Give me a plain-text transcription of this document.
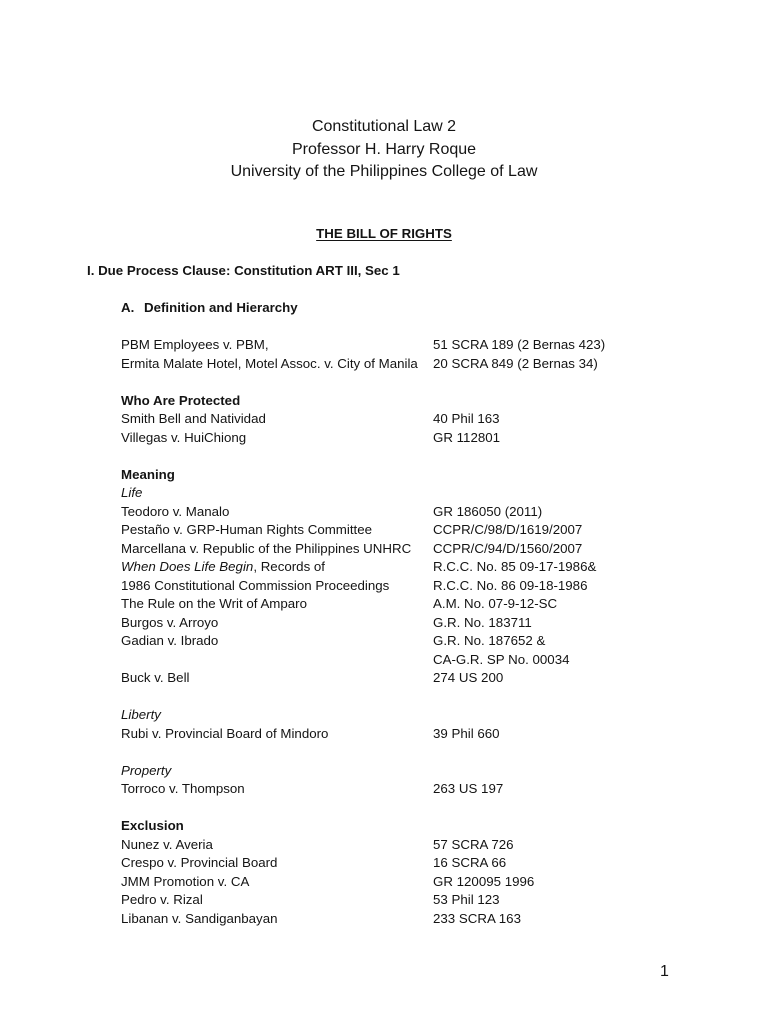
Constitutional Law 2
Professor H. Harry Roque
University of the Philippines College of Law
THE BILL OF RIGHTS
I. Due Process Clause: Constitution ART III, Sec 1
A. Definition and Hierarchy
PBM Employees v. PBM,	51 SCRA 189 (2 Bernas 423)
Ermita Malate Hotel, Motel Assoc. v. City of Manila 20 SCRA 849 (2 Bernas 34)
Who Are Protected
Smith Bell and Natividad	40 Phil 163
Villegas v. HuiChiong	GR 112801
Meaning
Life
Teodoro v. Manalo	GR 186050 (2011)
Pestaño v. GRP-Human Rights Committee	CCPR/C/98/D/1619/2007
Marcellana v. Republic of the Philippines UNHRC CCPR/C/94/D/1560/2007
When Does Life Begin, Records of	R.C.C. No. 85 09-17-1986&
1986 Constitutional Commission Proceedings	R.C.C. No. 86 09-18-1986
The Rule on the Writ of Amparo	A.M. No. 07-9-12-SC
Burgos v. Arroyo	G.R. No. 183711
Gadian v. Ibrado	G.R. No. 187652 &
CA-G.R. SP No. 00034
Buck v. Bell	274 US 200
Liberty
Rubi v. Provincial Board of Mindoro	39 Phil 660
Property
Torroco v. Thompson	263 US 197
Exclusion
Nunez v. Averia	57 SCRA 726
Crespo v. Provincial Board	16 SCRA 66
JMM Promotion v. CA	GR 120095 1996
Pedro v. Rizal	53 Phil 123
Libanan v. Sandiganbayan	233 SCRA 163
1
